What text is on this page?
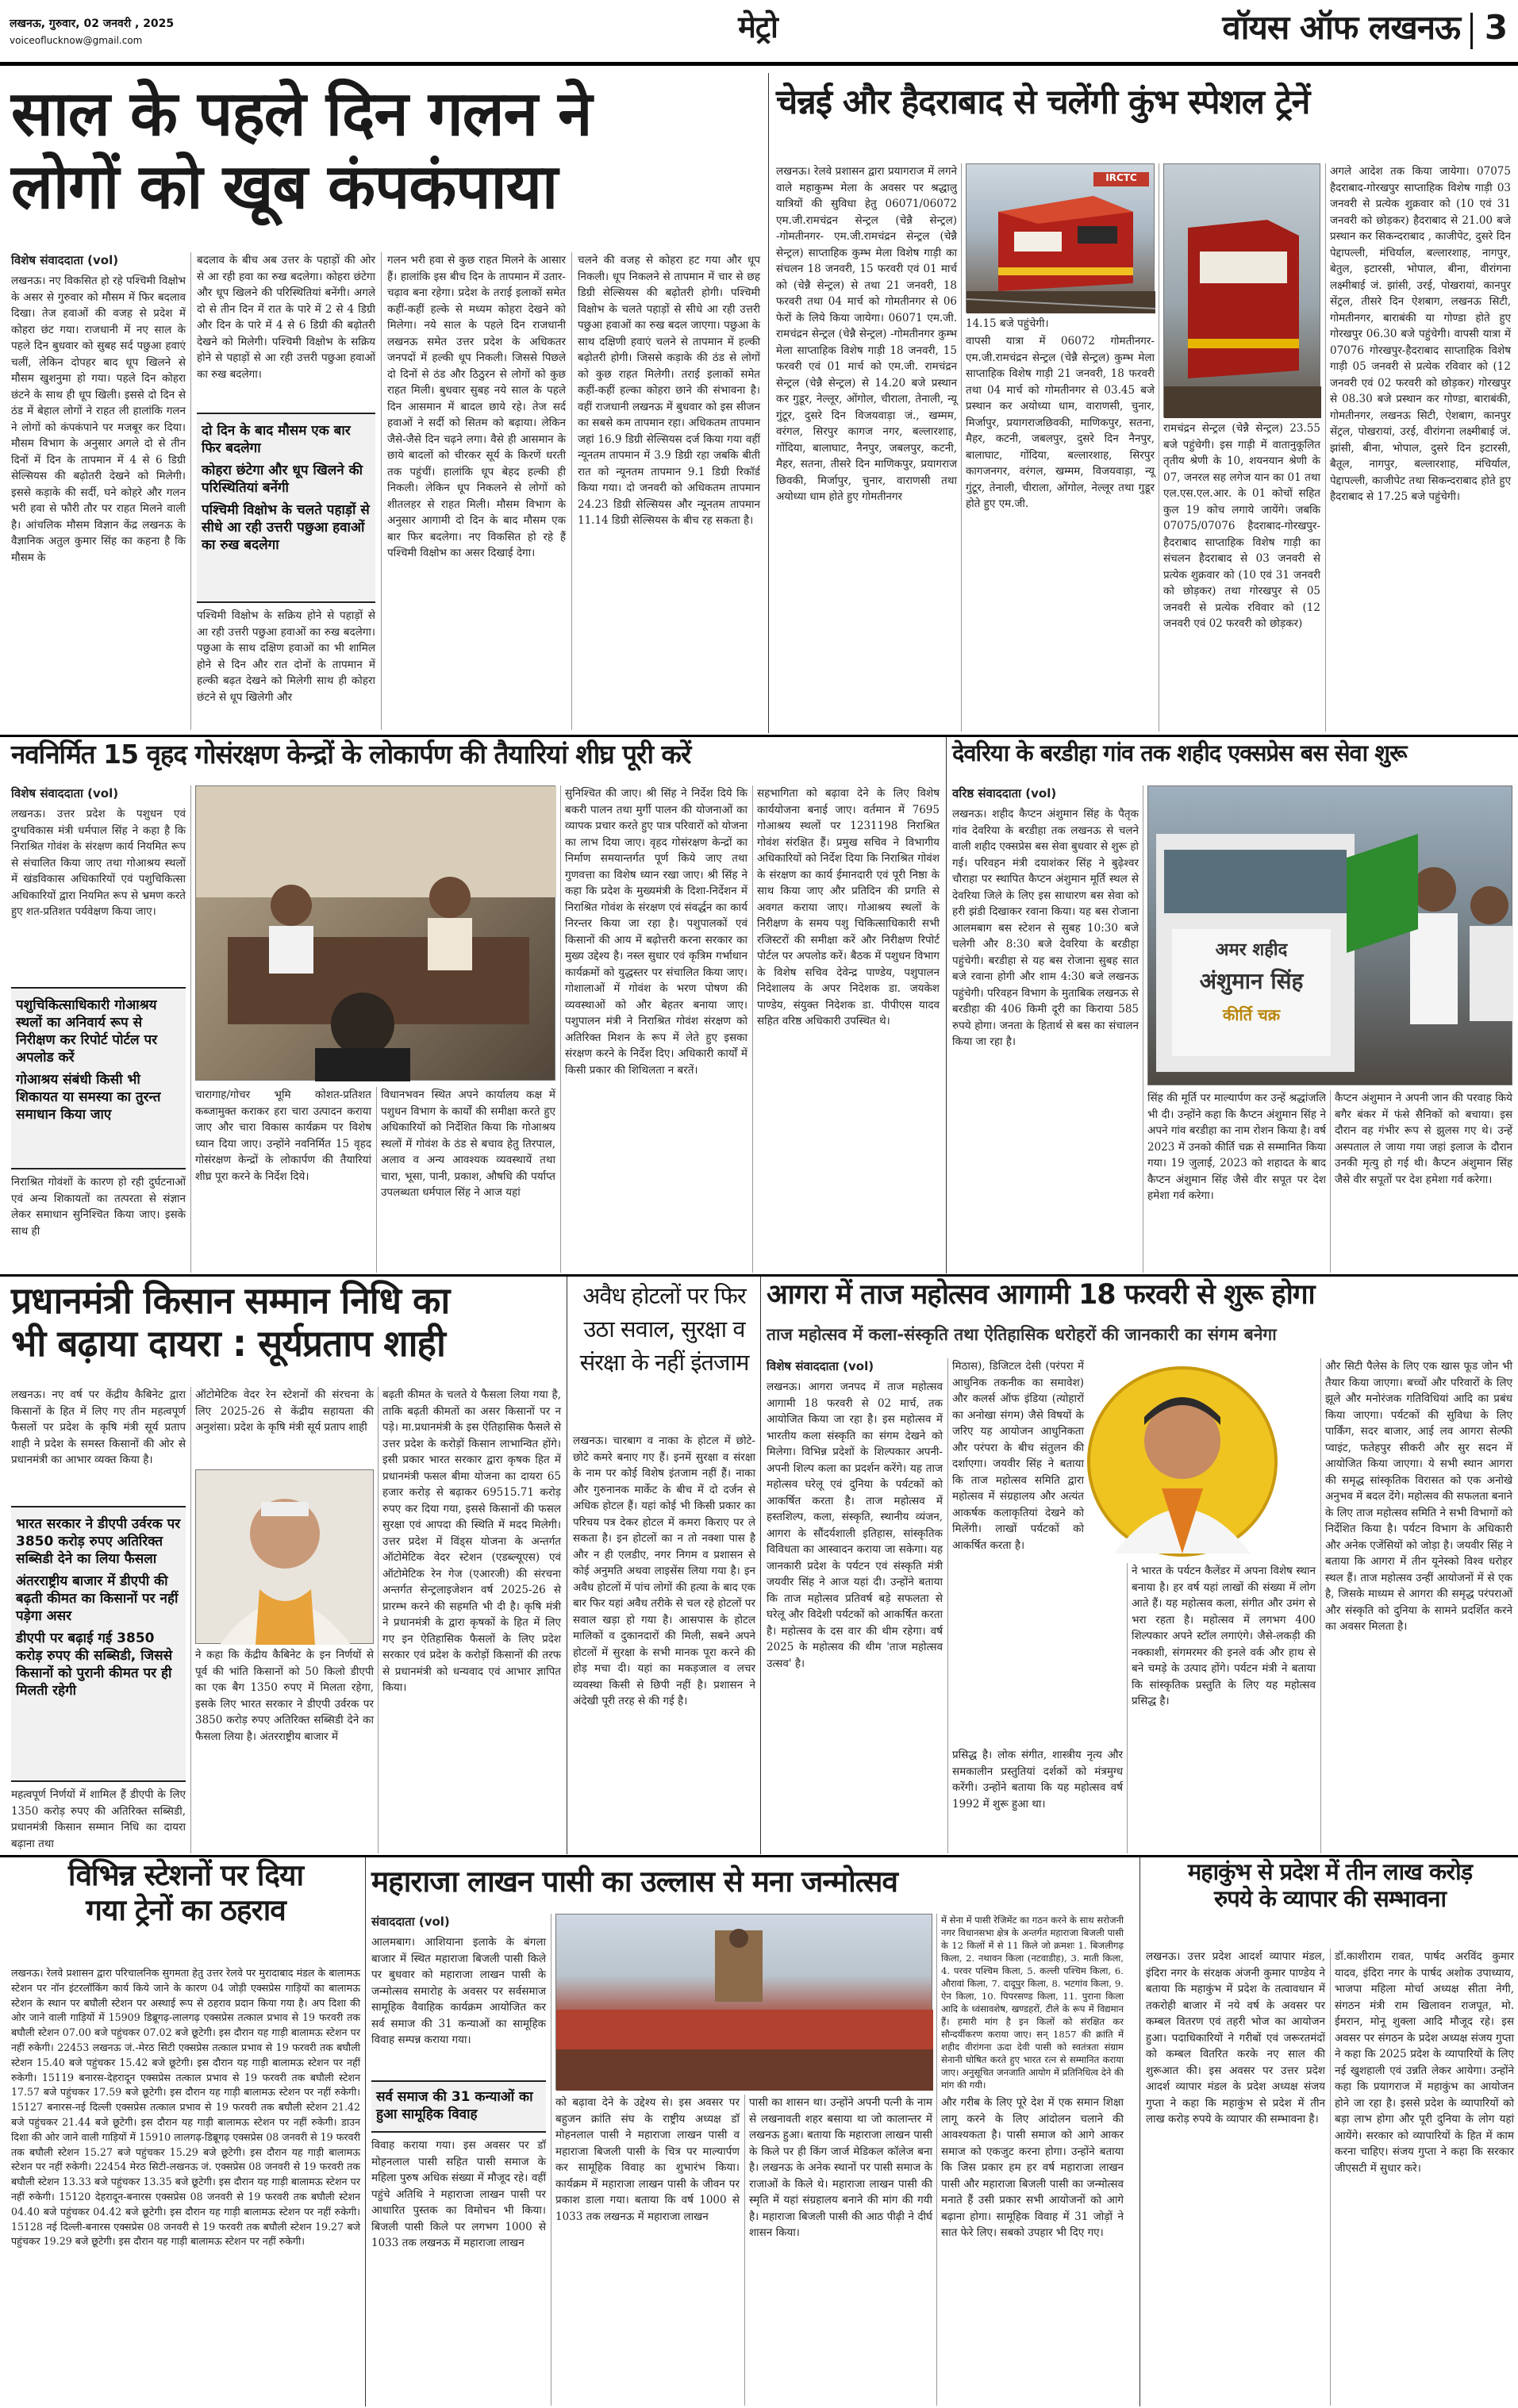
लखनऊ, गुरुवार, 02 जनवरी , 2025
voiceoflucknow@gmail.com	मेट्रो	वॉयस ऑफ लखनऊ 3
साल के पहले दिन गलन ने
लोगों को खूब कंपकंपाया
विशेष संवाददाता (vol)
लखनऊ। नए विकसित हो रहे पश्चिमी विक्षोभ के असर से गुरुवार को मौसम में फिर बदलाव दिखा। तेज हवाओं की वजह से प्रदेश में कोहरा छंट गया। राजधानी में नए साल के पहले दिन बुधवार को सुबह सर्द पछुआ हवाएं चलीं, लेकिन दोपहर बाद धूप खिलने से मौसम खुशनुमा हो गया। पहले दिन कोहरा छंटने के साथ ही धूप खिली। इससे दो दिन से ठंड में बेहाल लोगों ने राहत ली हालांकि गलन ने लोगों को कंपकंपाने पर मजबूर कर दिया। मौसम विभाग के अनुसार अगले दो से तीन दिनों में दिन के तापमान में 4 से 6 डिग्री सेल्सियस की बढ़ोतरी देखने को मिलेगी। इससे कड़ाके की सर्दी, घने कोहरे और गलन भरी हवा से फौरी तौर पर राहत मिलने वाली है। आंचलिक मौसम विज्ञान केंद्र लखनऊ के वैज्ञानिक अतुल कुमार सिंह का कहना है कि मौसम के
बदलाव के बीच अब उत्तर के पहाड़ों की ओर से आ रही हवा का रुख बदलेगा। कोहरा छंटेगा और धूप खिलने की परिस्थितियां बनेंगी। अगले दो से तीन दिन में रात के पारे में 2 से 4 डिग्री और दिन के पारे में 4 से 6 डिग्री की बढ़ोतरी देखने को मिलेगी। पश्चिमी विक्षोभ के सक्रिय होने से पहाड़ों से आ रही उत्तरी पछुआ हवाओं का रुख बदलेगा।

दो दिन के बाद मौसम एक बार फिर बदलेगा

कोहरा छंटेगा और धूप खिलने की परिस्थितियां बनेंगी

पश्चिमी विक्षोभ के चलते पहाड़ों से सीधे आ रही उत्तरी पछुआ हवाओं का रुख बदलेगा

पश्चिमी विक्षोभ के सक्रिय होने से पहाड़ों से आ रही उत्तरी पछुआ हवाओं का रुख बदलेगा। पछुआ के साथ दक्षिण हवाओं का भी शामिल होने से दिन और रात दोनों के तापमान में हल्की बढ़त देखने को मिलेगी साथ ही कोहरा छंटने से धूप खिलेगी और
गलन भरी हवा से कुछ राहत मिलने के आसार हैं। हालांकि इस बीच दिन के तापमान में उतार-चढ़ाव बना रहेगा। प्रदेश के तराई इलाकों समेत कहीं-कहीं हल्के से मध्यम कोहरा देखने को मिलेगा। नये साल के पहले दिन राजधानी लखनऊ समेत उत्तर प्रदेश के अधिकतर जनपदों में हल्की धूप निकली। जिससे पिछले दो दिनों से ठंड और ठिठुरन से लोगों को कुछ राहत मिली। बुधवार सुबह नये साल के पहले दिन आसमान में बादल छाये रहे। तेज सर्द हवाओं ने सर्दी को सितम को बढ़ाया। लेकिन जैसे-जैसे दिन चढ़ने लगा। वैसे ही आसमान के छाये बादलों को चीरकर सूर्य के किरणें धरती तक पहुंचीं। हालांकि धूप बेहद हल्की ही निकली। लेकिन धूप निकलने से लोगों को शीतलहर से राहत मिली। मौसम विभाग के अनुसार आगामी दो दिन के बाद मौसम एक बार फिर बदलेगा। नए विकसित हो रहे हैं पश्चिमी विक्षोभ का असर दिखाई देगा।
चलने की वजह से कोहरा हट गया और धूप निकली। धूप निकलने से तापमान में चार से छह डिग्री सेल्सियस की बढ़ोतरी होगी। पश्चिमी विक्षोभ के चलते पहाड़ों से सीधे आ रही उत्तरी पछुआ हवाओं का रुख बदल जाएगा। पछुआ के साथ दक्षिणी हवाएं चलने से तापमान में हल्की बढ़ोतरी होगी। जिससे कड़ाके की ठंड से लोगों को कुछ राहत मिलेगी। तराई इलाकों समेत कहीं-कहीं हल्का कोहरा छाने की संभावना है। वहीं राजधानी लखनऊ में बुधवार को इस सीजन का सबसे कम तापमान रहा। अधिकतम तापमान जहां 16.9 डिग्री सेल्सियस दर्ज किया गया वहीं न्यूनतम तापमान में 3.9 डिग्री रहा जबकि बीती रात को न्यूनतम तापमान 9.1 डिग्री रिकॉर्ड किया गया। दो जनवरी को अधिकतम तापमान 24.23 डिग्री सेल्सियस और न्यूनतम तापमान 11.14 डिग्री सेल्सियस के बीच रह सकता है।
चेन्नई और हैदराबाद से चलेंगी कुंभ स्पेशल ट्रेनें
लखनऊ। रेलवे प्रशासन द्वारा प्रयागराज में लगने वाले महाकुम्भ मेला के अवसर पर श्रद्धालु यात्रियों की सुविधा हेतु 06071/06072 एम.जी.रामचंद्रन सेन्ट्रल (चेन्नै सेन्ट्रल) -गोमतीनगर- एम.जी.रामचंद्रन सेन्ट्रल (चेन्नै सेन्ट्रल) साप्ताहिक कुम्भ मेला विशेष गाड़ी का संचलन 18 जनवरी, 15 फरवरी एवं 01 मार्च को (चेन्नै सेन्ट्रल) से तथा 21 जनवरी, 18 फरवरी तथा 04 मार्च को गोमतीनगर से 06 फेरों के लिये किया जायेगा। 06071 एम.जी. रामचंद्रन सेन्ट्रल (चेन्नै सेन्ट्रल) -गोमतीनगर कुम्भ मेला साप्ताहिक विशेष गाड़ी 18 जनवरी, 15 फरवरी एवं 01 मार्च को एम.जी. रामचंद्रन सेन्ट्रल (चेन्नै सेन्ट्रल) से 14.20 बजे प्रस्थान कर गुडूर, नेल्लूर, ओंगोल, चीराला, तेनाली, न्यू गुंटूर, दुसरे दिन विजयवाड़ा जं., खम्मम, वरंगल, सिरपुर कागज नगर, बल्लारशाह, गोंदिया, बालाघाट, नैनपुर, जबलपुर, कटनी, मैहर, सतना, तीसरे दिन माणिकपुर, प्रयागराज छिवकी, मिर्जापुर, चुनार, वाराणसी तथा अयोध्या धाम होते हुए गोमतीनगर
IRCTC
14.15 बजे पहुंचेगी।
वापसी यात्रा में 06072 गोमतीनगर-एम.जी.रामचंद्रन सेन्ट्रल (चेन्नै सेन्ट्रल) कुम्भ मेला साप्ताहिक विशेष गाड़ी 21 जनवरी, 18 फरवरी तथा 04 मार्च को गोमतीनगर से 03.45 बजे प्रस्थान कर अयोध्या धाम, वाराणसी, चुनार, मिर्जापुर, प्रयागराजछिवकी, माणिकपुर, सतना, मैहर, कटनी, जबलपुर, दुसरे दिन नैनपुर, बालाघाट, गोंदिया, बल्लारशाह, सिरपुर कागजनगर, वरंगल, खम्मम, विजयवाड़ा, न्यू गुंटूर, तेनाली, चीराला, ओंगोल, नेल्लूर तथा गुडूर होते हुए एम.जी.
रामचंद्रन सेन्ट्रल (चेन्नै सेन्ट्रल) 23.55 बजे पहुंचेगी। इस गाड़ी में वातानुकूलित तृतीय श्रेणी के 10, शयनयान श्रेणी के 07, जनरल सह लगेज यान का 01 तथा एल.एस.एल.आर. के 01 कोचों सहित कुल 19 कोच लगाये जायेंगे। जबकि 07075/07076 हैदराबाद-गोरखपुर-हैदराबाद साप्ताहिक विशेष गाड़ी का संचलन हैदराबाद से 03 जनवरी से प्रत्येक शुक्रवार को (10 एवं 31 जनवरी को छोड़कर) तथा गोरखपुर से 05 जनवरी से प्रत्येक रविवार को (12 जनवरी एवं 02 फरवरी को छोड़कर)
अगले आदेश तक किया जायेगा। 07075 हैदराबाद-गोरखपुर साप्ताहिक विशेष गाड़ी 03 जनवरी से प्रत्येक शुक्रवार को (10 एवं 31 जनवरी को छोड़कर) हैदराबाद से 21.00 बजे प्रस्थान कर सिकन्दराबाद , काजीपेट, दुसरे दिन पेद्दापल्ली, मंचिर्याल, बल्लारशाह, नागपुर, बेतुल, इटारसी, भोपाल, बीना, वीरांगना लक्ष्मीबाई जं. झांसी, उरई, पोखरायां, कानपुर सेंट्रल, तीसरे दिन ऐशबाग, लखनऊ सिटी, गोमतीनगर, बाराबंकी या गोण्डा होते हुए गोरखपुर 06.30 बजे पहुंचेगी। वापसी यात्रा में 07076 गोरखपुर-हैदराबाद साप्ताहिक विशेष गाड़ी 05 जनवरी से प्रत्येक रविवार को (12 जनवरी एवं 02 फरवरी को छोड़कर) गोरखपुर से 08.30 बजे प्रस्थान कर गोण्डा, बाराबंकी, गोमतीनगर, लखनऊ सिटी, ऐशबाग, कानपुर सेंट्रल, पोखरायां, उरई, वीरांगना लक्ष्मीबाई जं. झांसी, बीना, भोपाल, दुसरे दिन इटारसी, बैतूल, नागपुर, बल्लारशाह, मंचिर्याल, पेद्दापल्ली, काजीपेट तथा सिकन्दराबाद होते हुए हैदराबाद से 17.25 बजे पहुंचेगी।
नवनिर्मित 15 वृहद गोसंरक्षण केन्द्रों के लोकार्पण की तैयारियां शीघ्र पूरी करें
विशेष संवाददाता (vol)
लखनऊ। उत्तर प्रदेश के पशुधन एवं दुग्धविकास मंत्री धर्मपाल सिंह ने कहा है कि निराश्रित गोवंश के संरक्षण कार्य नियमित रूप से संचालित किया जाए तथा गोआश्रय स्थलों में खंडविकास अधिकारियों एवं पशुचिकित्सा अधिकारियों द्वारा नियमित रूप से भ्रमण करते हुए शत-प्रतिशत पर्यवेक्षण किया जाए।

पशुचिकित्साधिकारी गोआश्रय स्थलों का अनिवार्य रूप से निरीक्षण कर रिपोर्ट पोर्टल पर अपलोड करें

गोआश्रय संबंधी किसी भी शिकायत या समस्या का तुरन्त समाधान किया जाए

निराश्रित गोवंशों के कारण हो रही दुर्घटनाओं एवं अन्य शिकायतों का तत्परता से संज्ञान लेकर समाधान सुनिश्चित किया जाए। इसके साथ ही
चारागाह/गोचर भूमि कोशत-प्रतिशत कब्जामुक्त कराकर हरा चारा उत्पादन कराया जाए और चारा विकास कार्यक्रम पर विशेष ध्यान दिया जाए। उन्होंने नवनिर्मित 15 वृहद गोसंरक्षण केन्द्रों के लोकार्पण की तैयारियां शीघ्र पूरा करने के निर्देश दिये।
विधानभवन स्थित अपने कार्यालय कक्ष में पशुधन विभाग के कार्यों की समीक्षा करते हुए अधिकारियों को निर्देशित किया कि गोआश्रय स्थलों में गोवंश के ठंड से बचाव हेतु तिरपाल, अलाव व अन्य आवश्यक व्यवस्थायें तथा चारा, भूसा, पानी, प्रकाश, औषधि की पर्याप्त उपलब्धता धर्मपाल सिंह ने आज यहां
सुनिश्चित की जाए। श्री सिंह ने निर्देश दिये कि बकरी पालन तथा मुर्गी पालन की योजनाओं का व्यापक प्रचार करते हुए पात्र परिवारों को योजना का लाभ दिया जाए। वृहद गोसंरक्षण केन्द्रों का निर्माण समयान्तर्गत पूर्ण किये जाए तथा गुणवत्ता का विशेष ध्यान रखा जाए। श्री सिंह ने कहा कि प्रदेश के मुख्यमंत्री के दिशा-निर्देशन में निराश्रित गोवंश के संरक्षण एवं संवर्द्धन का कार्य निरन्तर किया जा रहा है। पशुपालकों एवं किसानों की आय में बढ़ोत्तरी करना सरकार का मुख्य उद्देश्य है। नस्ल सुधार एवं कृत्रिम गर्भाधान कार्यक्रमों को युद्धस्तर पर संचालित किया जाए। गोशालाओं में गोवंश के भरण पोषण की व्यवस्थाओं को और बेहतर बनाया जाए। पशुपालन मंत्री ने निराश्रित गोवंश संरक्षण को अतिरिक्त मिशन के रूप में लेते हुए इसका संरक्षण करने के निर्देश दिए। अधिकारी कार्यों में किसी प्रकार की शिथिलता न बरतें।
सहभागिता को बढ़ावा देने के लिए विशेष कार्ययोजना बनाई जाए। वर्तमान में 7695 गोआश्रय स्थलों पर 1231198 निराश्रित गोवंश संरक्षित हैं। प्रमुख सचिव ने विभागीय अधिकारियों को निर्देश दिया कि निराश्रित गोवंश के संरक्षण का कार्य ईमानदारी एवं पूरी निष्ठा के साथ किया जाए और प्रतिदिन की प्रगति से अवगत कराया जाए। गोआश्रय स्थलों के निरीक्षण के समय पशु चिकित्साधिकारी सभी रजिस्टरों की समीक्षा करें और निरीक्षण रिपोर्ट पोर्टल पर अपलोड करें। बैठक में पशुधन विभाग के विशेष सचिव देवेन्द्र पाण्डेय, पशुपालन निदेशालय के अपर निदेशक डा. जयकेश पाण्डेय, संयुक्त निदेशक डा. पीपीएस यादव सहित वरिष्ठ अधिकारी उपस्थित थे।
देवरिया के बरडीहा गांव तक शहीद एक्सप्रेस बस सेवा शुरू
वरिष्ठ संवाददाता (vol)
लखनऊ। शहीद कैप्टन अंशुमान सिंह के पैतृक गांव देवरिया के बरडीहा तक लखनऊ से चलने वाली शहीद एक्सप्रेस बस सेवा बुधवार से शुरू हो गई। परिवहन मंत्री दयाशंकर सिंह ने बुढ़ेश्वर चौराहा पर स्थापित कैप्टन अंशुमान मूर्ति स्थल से देवरिया जिले के लिए इस साधारण बस सेवा को हरी झंडी दिखाकर रवाना किया। यह बस रोजाना आलमबाग बस स्टेशन से सुबह 10:30 बजे चलेगी और 8:30 बजे देवरिया के बरडीहा पहुंचेगी। बरडीहा से यह बस रोजाना सुबह सात बजे रवाना होगी और शाम 4:30 बजे लखनऊ पहुंचेगी। परिवहन विभाग के मुताबिक लखनऊ से बरडीहा की 406 किमी दूरी का किराया 585 रुपये होगा। जनता के हितार्थ से बस का संचालन किया जा रहा है।
अमर शहीद
अंशुमान सिंह
कीर्ति चक्र
सिंह की मूर्ति पर माल्यार्पण कर उन्हें श्रद्धांजलि भी दी। उन्होंने कहा कि कैप्टन अंशुमान सिंह ने अपने गांव बरडीहा का नाम रोशन किया है। वर्ष 2023 में उनको कीर्ति चक्र से सम्मानित किया गया। 19 जुलाई, 2023 को शहादत के बाद कैप्टन अंशुमान सिंह जैसे वीर सपूत पर देश हमेशा गर्व करेगा।
कैप्टन अंशुमान ने अपनी जान की परवाह किये बगैर बंकर में फंसे सैनिकों को बचाया। इस दौरान वह गंभीर रूप से झुलस गए थे। उन्हें अस्पताल ले जाया गया जहां इलाज के दौरान उनकी मृत्यु हो गई थी। कैप्टन अंशुमान सिंह जैसे वीर सपूतों पर देश हमेशा गर्व करेगा।
प्रधानमंत्री किसान सम्मान निधि का
भी बढ़ाया दायरा : सूर्यप्रताप शाही
लखनऊ। नए वर्ष पर केंद्रीय कैबिनेट द्वारा किसानों के हित में लिए गए तीन महत्वपूर्ण फैसलों पर प्रदेश के कृषि मंत्री सूर्य प्रताप शाही ने प्रदेश के समस्त किसानों की ओर से प्रधानमंत्री का आभार व्यक्त किया है।

भारत सरकार ने डीएपी उर्वरक पर 3850 करोड़ रुपए अतिरिक्त सब्सिडी देने का लिया फैसला

अंतरराष्ट्रीय बाजार में डीएपी की बढ़ती कीमत का किसानों पर नहीं पड़ेगा असर

डीएपी पर बढ़ाई गई 3850 करोड़ रुपए की सब्सिडी, जिससे किसानों को पुरानी कीमत पर ही मिलती रहेगी

महत्वपूर्ण निर्णयों में शामिल हैं डीएपी के लिए 1350 करोड़ रुपए की अतिरिक्त सब्सिडी, प्रधानमंत्री किसान सम्मान निधि का दायरा बढ़ाना तथा
ऑटोमेटिक वेदर रेन स्टेशनों की संरचना के लिए 2025-26 से केंद्रीय सहायता की अनुशंसा। प्रदेश के कृषि मंत्री सूर्य प्रताप शाही
ने कहा कि केंद्रीय कैबिनेट के इन निर्णयों से पूर्व की भांति किसानों को 50 किलो डीएपी का एक बैग 1350 रुपए में मिलता रहेगा, इसके लिए भारत सरकार ने डीएपी उर्वरक पर 3850 करोड़ रुपए अतिरिक्त सब्सिडी देने का फैसला लिया है। अंतरराष्ट्रीय बाजार में
बढ़ती कीमत के चलते ये फैसला लिया गया है, ताकि बढ़ती कीमतों का असर किसानों पर न पड़े। मा.प्रधानमंत्री के इस ऐतिहासिक फैसले से उत्तर प्रदेश के करोड़ों किसान लाभान्वित होंगे। इसी प्रकार भारत सरकार द्वारा कृषक हित में प्रधानमंत्री फसल बीमा योजना का दायरा 65 हजार करोड़ से बढ़ाकर 69515.71 करोड़ रुपए कर दिया गया, इससे किसानों की फसल सुरक्षा एवं आपदा की स्थिति में मदद मिलेगी। उत्तर प्रदेश में विंड्स योजना के अन्तर्गत ऑटोमेटिक वेदर स्टेशन (एडब्ल्यूएस) एवं ऑटोमेटिक रेन गेज (एआरजी) की संरचना अन्तर्गत सेन्ट्रलाइजेशन वर्ष 2025-26 से प्रारम्भ करने की सहमति भी दी है। कृषि मंत्री ने प्रधानमंत्री के द्वारा कृषकों के हित में लिए गए इन ऐतिहासिक फैसलों के लिए प्रदेश सरकार एवं प्रदेश के करोड़ों किसानों की तरफ से प्रधानमंत्री को धन्यवाद एवं आभार ज्ञापित किया।
अवैध होटलों पर फिर उठा सवाल, सुरक्षा व संरक्षा के नहीं इंतजाम
लखनऊ। चारबाग व नाका के होटल में छोटे-छोटे कमरे बनाए गए हैं। इनमें सुरक्षा व संरक्षा के नाम पर कोई विशेष इंतजाम नहीं हैं। नाका और गुरुनानक मार्केट के बीच में दो दर्जन से अधिक होटल हैं। यहां कोई भी किसी प्रकार का परिचय पत्र देकर होटल में कमरा किराए पर ले सकता है। इन होटलों का न तो नक्शा पास है और न ही एलडीए, नगर निगम व प्रशासन से कोई अनुमति अथवा लाइसेंस लिया गया है। इन अवैध होटलों में पांच लोगों की हत्या के बाद एक बार फिर यहां अवैध तरीके से चल रहे होटलों पर सवाल खड़ा हो गया है। आसपास के होटल मालिकों व दुकानदारों की मिली, सबने अपने होटलों में सुरक्षा के सभी मानक पूरा करने की होड़ मचा दी। यहां का मकड़जाल व लचर व्यवस्था किसी से छिपी नहीं है। प्रशासन ने अंदेखी पूरी तरह से की गई है।
आगरा में ताज महोत्सव आगामी 18 फरवरी से शुरू होगा
ताज महोत्सव में कला-संस्कृति तथा ऐतिहासिक धरोहरों की जानकारी का संगम बनेगा
विशेष संवाददाता (vol)
लखनऊ। आगरा जनपद में ताज महोत्सव आगामी 18 फरवरी से 02 मार्च, तक आयोजित किया जा रहा है। इस महोत्सव में भारतीय कला संस्कृति का संगम देखने को मिलेगा। विभिन्न प्रदेशों के शिल्पकार अपनी-अपनी शिल्प कला का प्रदर्शन करेंगे। यह ताज महोत्सव घरेलू एवं दुनिया के पर्यटकों को आकर्षित करता है। ताज महोत्सव में हस्तशिल्प, कला, संस्कृति, स्थानीय व्यंजन, आगरा के सौंदर्यशाली इतिहास, सांस्कृतिक विविधता का आस्वादन कराया जा सकेगा। यह जानकारी प्रदेश के पर्यटन एवं संस्कृति मंत्री जयवीर सिंह ने आज यहां दी। उन्होंने बताया कि ताज महोत्सव प्रतिवर्ष बड़े सफलता से घरेलू और विदेशी पर्यटकों को आकर्षित करता है। महोत्सव के दस वार की थीम रहेगा। वर्ष 2025 के महोत्सव की थीम 'ताज महोत्सव उत्सव' है।
मिठास), डिजिटल देसी (परंपरा में आधुनिक तकनीक का समावेश) और कलर्स ऑफ इंडिया (त्योहारों का अनोखा संगम) जैसे विषयों के जरिए यह आयोजन आधुनिकता और परंपरा के बीच संतुलन की दर्शाएगा। जयवीर सिंह ने बताया कि ताज महोत्सव समिति द्वारा महोत्सव में संग्रहालय और अत्यंत आकर्षक कलाकृतियां देखने को मिलेंगी। लाखों पर्यटकों को आकर्षित करता है।
प्रसिद्ध है। लोक संगीत, शास्त्रीय नृत्य और समकालीन प्रस्तुतियां दर्शकों को मंत्रमुग्ध करेंगी। उन्होंने बताया कि यह महोत्सव वर्ष 1992 में शुरू हुआ था।
ने भारत के पर्यटन कैलेंडर में अपना विशेष स्थान बनाया है। हर वर्ष यहां लाखों की संख्या में लोग आते हैं। यह महोत्सव कला, संगीत और उमंग से भरा रहता है। महोत्सव में लगभग 400 शिल्पकार अपने स्टॉल लगाएंगे। जैसे-लकड़ी की नक्काशी, संगमरमर की इनले वर्क और हाथ से बने चमड़े के उत्पाद होंगे। पर्यटन मंत्री ने बताया कि सांस्कृतिक प्रस्तुति के लिए यह महोत्सव प्रसिद्ध है।
और सिटी पैलेस के लिए एक खास फूड जोन भी तैयार किया जाएगा। बच्चों और परिवारों के लिए झूले और मनोरंजक गतिविधियां आदि का प्रबंध किया जाएगा। पर्यटकों की सुविधा के लिए पार्किंग, सदर बाजार, आई लव आगरा सेल्फी प्वाइंट, फतेहपुर सीकरी और सुर सदन में आयोजित किया जाएगा। ये सभी स्थान आगरा की समृद्ध सांस्कृतिक विरासत को एक अनोखे अनुभव में बदल देंगे। महोत्सव की सफलता बनाने के लिए ताज महोत्सव समिति ने सभी विभागों को निर्देशित किया है। पर्यटन विभाग के अधिकारी और अनेक एजेंसियों को जोड़ा है। जयवीर सिंह ने बताया कि आगरा में तीन यूनेस्को विश्व धरोहर स्थल हैं। ताज महोत्सव उन्हीं आयोजनों में से एक है, जिसके माध्यम से आगरा की समृद्ध परंपराओं और संस्कृति को दुनिया के सामने प्रदर्शित करने का अवसर मिलता है।
विभिन्न स्टेशनों पर दिया
गया ट्रेनों का ठहराव
लखनऊ। रेलवे प्रशासन द्वारा परिचालनिक सुगमता हेतु उत्तर रेलवे पर मुरादाबाद मंडल के बालामऊ स्टेशन पर नॉन इंटरलॉकिंग कार्य किये जाने के कारण 04 जोड़ी एक्सप्रेस गाड़ियों का बालामऊ स्टेशन के स्थान पर बघौली स्टेशन पर अस्थाई रूप से ठहराव प्रदान किया गया है। अप दिशा की ओर जाने वाली गाड़ियों में 15909 डिब्रूगढ़-लालगढ़ एक्सप्रेस तत्काल प्रभाव से 19 फरवरी तक बघौली स्टेशन 07.00 बजे पहुंचकर 07.02 बजे छूटेगी। इस दौरान यह गाड़ी बालामऊ स्टेशन पर नहीं रुकेगी। 22453 लखनऊ जं.-मेरठ सिटी एक्सप्रेस तत्काल प्रभाव से 19 फरवरी तक बघौली स्टेशन 15.40 बजे पहुंचकर 15.42 बजे छूटेगी। इस दौरान यह गाड़ी बालामऊ स्टेशन पर नहीं रुकेगी। 15119 बनारस-देहरादून एक्सप्रेस तत्काल प्रभाव से 19 फरवरी तक बघौली स्टेशन 17.57 बजे पहुंचकर 17.59 बजे छूटेगी। इस दौरान यह गाड़ी बालामऊ स्टेशन पर नहीं रुकेगी। 15127 बनारस-नई दिल्ली एक्सप्रेस तत्काल प्रभाव से 19 फरवरी तक बघौली स्टेशन 21.42 बजे पहुंचकर 21.44 बजे छूटेगी। इस दौरान यह गाड़ी बालामऊ स्टेशन पर नहीं रुकेगी। डाउन दिशा की ओर जाने वाली गाड़ियों में 15910 लालगढ़-डिब्रूगढ़ एक्सप्रेस 08 जनवरी से 19 फरवरी तक बघौली स्टेशन 15.27 बजे पहुंचकर 15.29 बजे छूटेगी। इस दौरान यह गाड़ी बालामऊ स्टेशन पर नहीं रुकेगी। 22454 मेरठ सिटी-लखनऊ जं. एक्सप्रेस 08 जनवरी से 19 फरवरी तक बघौली स्टेशन 13.33 बजे पहुंचकर 13.35 बजे छूटेगी। इस दौरान यह गाड़ी बालामऊ स्टेशन पर नहीं रुकेगी। 15120 देहरादून-बनारस एक्सप्रेस 08 जनवरी से 19 फरवरी तक बघौली स्टेशन 04.40 बजे पहुंचकर 04.42 बजे छूटेगी। इस दौरान यह गाड़ी बालामऊ स्टेशन पर नहीं रुकेगी। 15128 नई दिल्ली-बनारस एक्सप्रेस 08 जनवरी से 19 फरवरी तक बघौली स्टेशन 19.27 बजे पहुंचकर 19.29 बजे छूटेगी। इस दौरान यह गाड़ी बालामऊ स्टेशन पर नहीं रुकेगी।
महाराजा लाखन पासी का उल्लास से मना जन्मोत्सव
संवाददाता (vol)
आलमबाग। आशियाना इलाके के बंगला बाजार में स्थित महाराजा बिजली पासी किले पर बुधवार को महाराजा लाखन पासी के जन्मोत्सव समारोह के अवसर पर सर्वसमाज सामूहिक वैवाहिक कार्यक्रम आयोजित कर सर्व समाज की 31 कन्याओं का सामूहिक विवाह सम्पन्न कराया गया।

सर्व समाज की 31 कन्याओं का हुआ सामूहिक विवाह

विवाह कराया गया। इस अवसर पर डॉ मोहनलाल पासी सहित पासी समाज के महिला पुरुष अधिक संख्या में मौजूद रहे। वहीं पहुंचे अतिथि ने महाराजा लाखन पासी पर आधारित पुस्तक का विमोचन भी किया। बिजली पासी किले पर लगभग 1000 से 1033 तक लखनऊ में महाराजा लाखन
को बढ़ावा देने के उद्देश्य से। इस अवसर पर बहुजन क्रांति संघ के राष्ट्रीय अध्यक्ष डॉ मोहनलाल पासी ने महाराजा लाखन पासी व महाराजा बिजली पासी के चित्र पर माल्यार्पण कर सामूहिक विवाह का शुभारंभ किया। कार्यक्रम में महाराजा लाखन पासी के जीवन पर प्रकाश डाला गया। बताया कि वर्ष 1000 से 1033 तक लखनऊ में महाराजा लाखन
पासी का शासन था। उन्होंने अपनी पत्नी के नाम से लखनावती शहर बसाया था जो कालान्तर में लखनऊ हुआ। बताया कि महाराजा लाखन पासी के किले पर ही किंग जार्ज मेडिकल कॉलेज बना है। लखनऊ के अनेक स्थानों पर पासी समाज के राजाओं के किले थे। महाराजा लाखन पासी की स्मृति में यहां संग्रहालय बनाने की मांग की गयी है। महाराजा बिजली पासी की आठ पीढ़ी ने दीर्घ शासन किया।
और गरीब के लिए पूरे देश में एक समान शिक्षा लागू करने के लिए आंदोलन चलाने की आवश्यकता है। पासी समाज को आगे आकर समाज को एकजुट करना होगा। उन्होंने बताया कि जिस प्रकार हम हर वर्ष महाराजा लाखन पासी और महाराजा बिजली पासी का जन्मोत्सव मनाते हैं उसी प्रकार सभी आयोजनों को आगे बढ़ाना होगा। सामूहिक विवाह में 31 जोड़ों ने सात फेरे लिए। सबको उपहार भी दिए गए।
में सेना में पासी रेजिमेंट का गठन करने के साथ सरोजनी नगर विधानसभा क्षेत्र के अन्तर्गत महाराजा बिजली पासी के 12 किलों में से 11 किले जो क्रमशः 1. बिजलीगढ़ किला, 2. नथावन किला (नटवाडीह), 3. माती किला, 4. परवर पश्चिम किला, 5. कल्ली पश्चिम किला, 6. औरावां किला, 7. दादूपुर किला, 8. भटगांव किला, 9. ऐन किला, 10. पिपरसण्ड किला, 11. पुराना किला आदि के ध्वंसावशेष, खण्डहरों, टीले के रूप में विद्यमान हैं। हमारी मांग है इन किलों को संरक्षित कर सौन्दर्यीकरण कराया जाए। सन् 1857 की क्रांति में शहीद वीरांगना ऊदा देवी पासी को स्वतंत्रता संग्राम सेनानी घोषित करते हुए भारत रत्न से सम्मानित कराया जाए। अनुसूचित जनजाति आयोग में प्रतिनिधित्व देने की मांग की गयी।
महाकुंभ से प्रदेश में तीन लाख करोड़
रुपये के व्यापार की सम्भावना
लखनऊ। उत्तर प्रदेश आदर्श व्यापार मंडल, इंदिरा नगर के संरक्षक अंजनी कुमार पाण्डेय ने बताया कि महाकुंभ में प्रदेश के तत्वावधान में तकरोही बाजार में नये वर्ष के अवसर पर कम्बल वितरण एवं तहरी भोज का आयोजन हुआ। पदाधिकारियों ने गरीबों एवं जरूरतमंदों को कम्बल वितरित करके नए साल की शुरूआत की। इस अवसर पर उत्तर प्रदेश आदर्श व्यापार मंडल के प्रदेश अध्यक्ष संजय गुप्ता ने कहा कि महाकुंभ से प्रदेश में तीन लाख करोड़ रुपये के व्यापार की सम्भावना है।
डॉ.काशीराम रावत, पार्षद अरविंद कुमार यादव, इंदिरा नगर के पार्षद अशोक उपाध्याय, भाजपा महिला मोर्चा अध्यक्ष सीता नेगी, संगठन मंत्री राम खिलावन राजपूत, मो. ईमरान, मोनू शुक्ला आदि मौजूद रहे। इस अवसर पर संगठन के प्रदेश अध्यक्ष संजय गुप्ता ने कहा कि 2025 प्रदेश के व्यापारियों के लिए नई खुशहाली एवं उन्नति लेकर आयेगा। उन्होंने कहा कि प्रयागराज में महाकुंभ का आयोजन होने जा रहा है। इससे प्रदेश के व्यापारियों को बड़ा लाभ होगा और पूरी दुनिया के लोग यहां आयेंगे। सरकार को व्यापारियों के हित में काम करना चाहिए। संजय गुप्ता ने कहा कि सरकार जीएसटी में सुधार करे।
